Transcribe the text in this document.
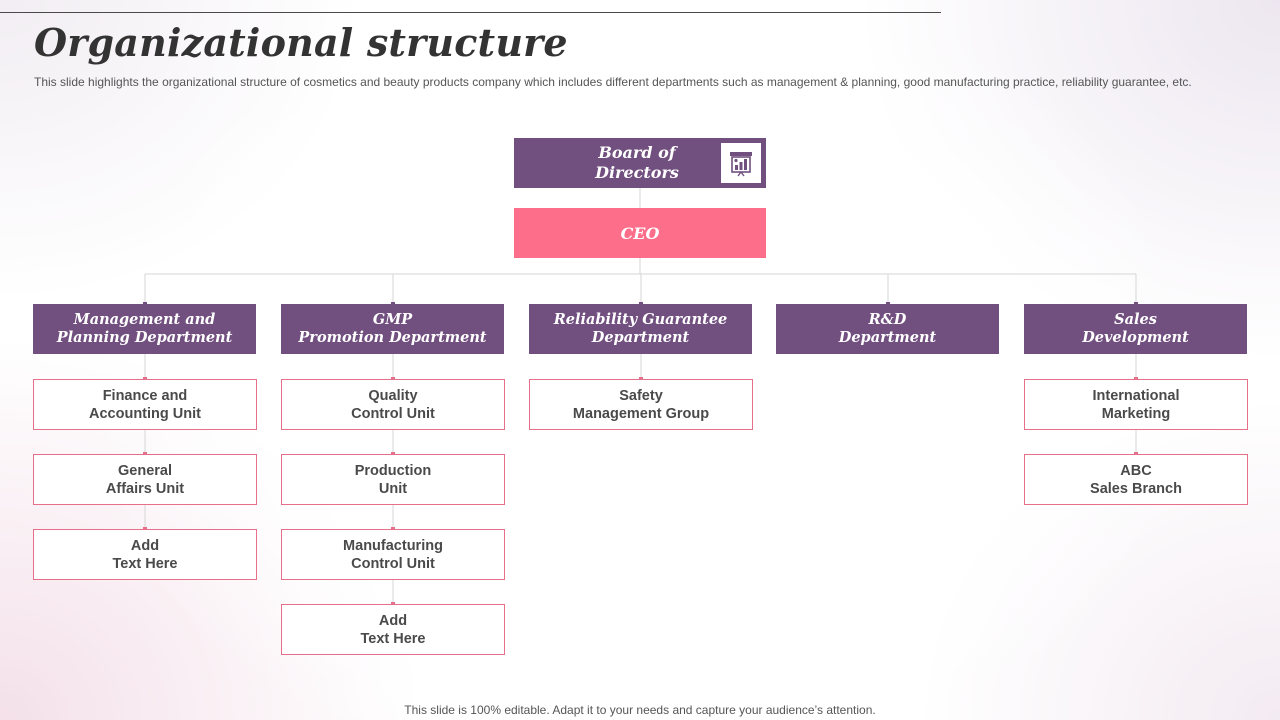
Organizational structure

This slide highlights the organizational structure of cosmetics and beauty products company which includes different departments such as management & planning, good manufacturing practice, reliability guarantee, etc.

Board of
Directors
CEO
Management and
Planning Department
Finance and
Accounting Unit
General
Affairs Unit
Add
Text Here
GMP
Promotion Department
Quality
Control Unit
Production
Unit
Manufacturing
Control Unit
Add
Text Here
Reliability Guarantee
Department
Safety
Management Group
R&D
Department
Sales
Development
International
Marketing
ABC
Sales Branch

This slide is 100% editable. Adapt it to your needs and capture your audience’s attention.
